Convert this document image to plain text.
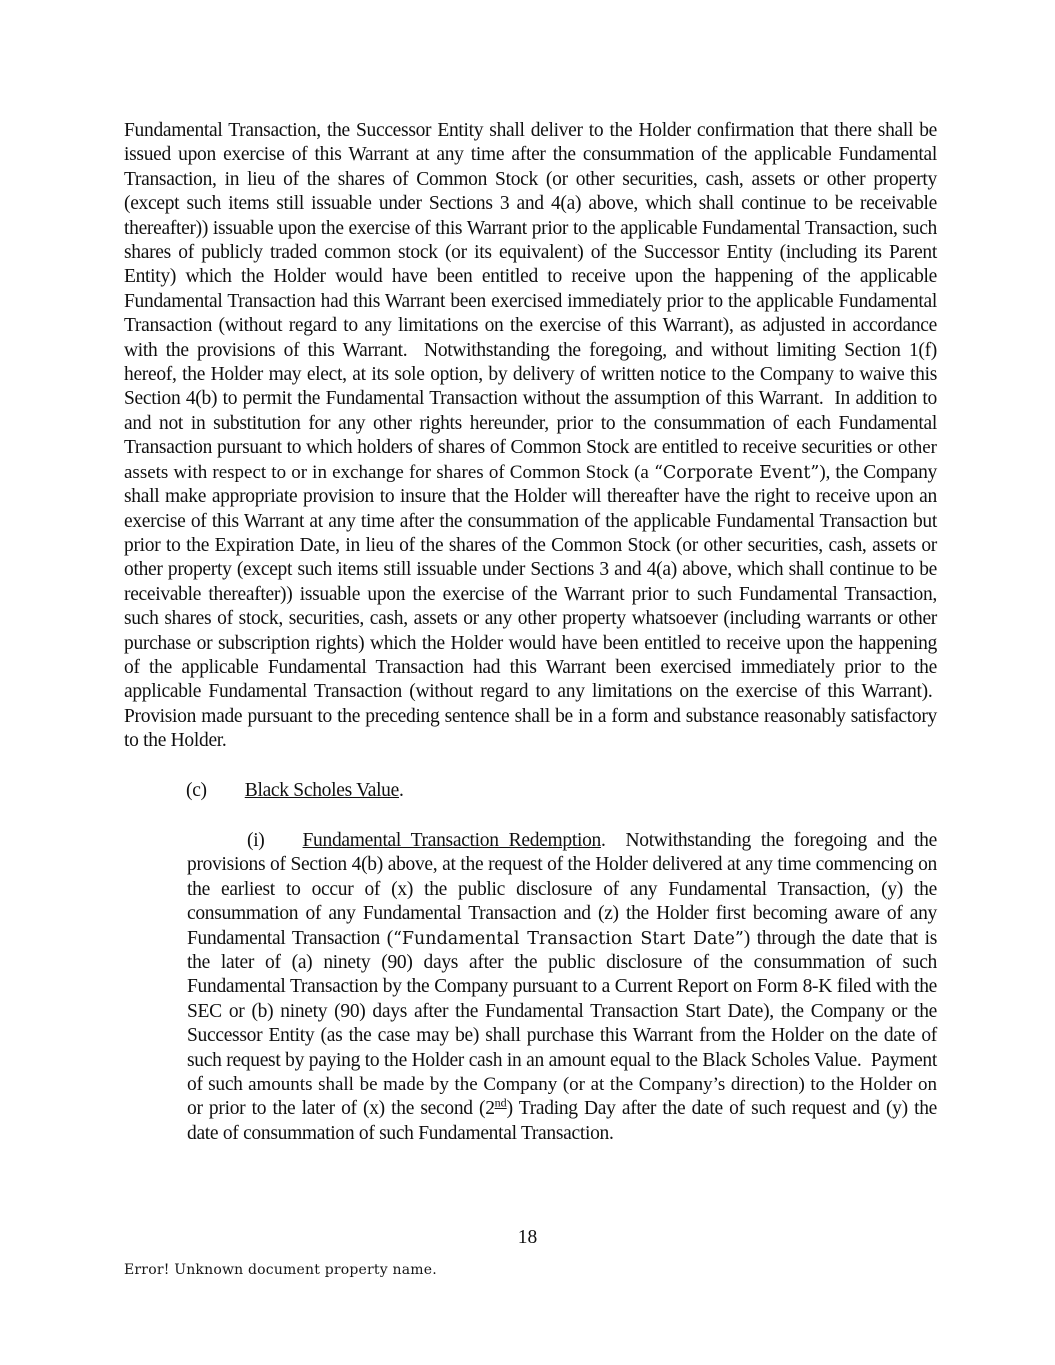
Fundamental Transaction, the Successor Entity shall deliver to the Holder confirmation that there shall be issued upon exercise of this Warrant at any time after the consummation of the applicable Fundamental Transaction, in lieu of the shares of Common Stock (or other securities, cash, assets or other property (except such items still issuable under Sections 3 and 4(a) above, which shall continue to be receivable thereafter)) issuable upon the exercise of this Warrant prior to the applicable Fundamental Transaction, such shares of publicly traded common stock (or its equivalent) of the Successor Entity (including its Parent Entity) which the Holder would have been entitled to receive upon the happening of the applicable Fundamental Transaction had this Warrant been exercised immediately prior to the applicable Fundamental Transaction (without regard to any limitations on the exercise of this Warrant), as adjusted in accordance with the provisions of this Warrant.  Notwithstanding the foregoing, and without limiting Section 1(f) hereof, the Holder may elect, at its sole option, by delivery of written notice to the Company to waive this Section 4(b) to permit the Fundamental Transaction without the assumption of this Warrant.  In addition to and not in substitution for any other rights hereunder, prior to the consummation of each Fundamental Transaction pursuant to which holders of shares of Common Stock are entitled to receive securities or other assets with respect to or in exchange for shares of Common Stock (a “Corporate Event”), the Company shall make appropriate provision to insure that the Holder will thereafter have the right to receive upon an exercise of this Warrant at any time after the consummation of the applicable Fundamental Transaction but prior to the Expiration Date, in lieu of the shares of the Common Stock (or other securities, cash, assets or other property (except such items still issuable under Sections 3 and 4(a) above, which shall continue to be receivable thereafter)) issuable upon the exercise of the Warrant prior to such Fundamental Transaction, such shares of stock, securities, cash, assets or any other property whatsoever (including warrants or other purchase or subscription rights) which the Holder would have been entitled to receive upon the happening of the applicable Fundamental Transaction had this Warrant been exercised immediately prior to the applicable Fundamental Transaction (without regard to any limitations on the exercise of this Warrant).  Provision made pursuant to the preceding sentence shall be in a form and substance reasonably satisfactory to the Holder.
(c) Black Scholes Value.
(i) Fundamental Transaction Redemption.  Notwithstanding the foregoing and the provisions of Section 4(b) above, at the request of the Holder delivered at any time commencing on the earliest to occur of (x) the public disclosure of any Fundamental Transaction, (y) the consummation of any Fundamental Transaction and (z) the Holder first becoming aware of any Fundamental Transaction (“Fundamental Transaction Start Date”) through the date that is the later of (a) ninety (90) days after the public disclosure of the consummation of such Fundamental Transaction by the Company pursuant to a Current Report on Form 8-K filed with the SEC or (b) ninety (90) days after the Fundamental Transaction Start Date), the Company or the Successor Entity (as the case may be) shall purchase this Warrant from the Holder on the date of such request by paying to the Holder cash in an amount equal to the Black Scholes Value.  Payment of such amounts shall be made by the Company (or at the Company’s direction) to the Holder on or prior to the later of (x) the second (2nd) Trading Day after the date of such request and (y) the date of consummation of such Fundamental Transaction.
18
Error! Unknown document property name.
